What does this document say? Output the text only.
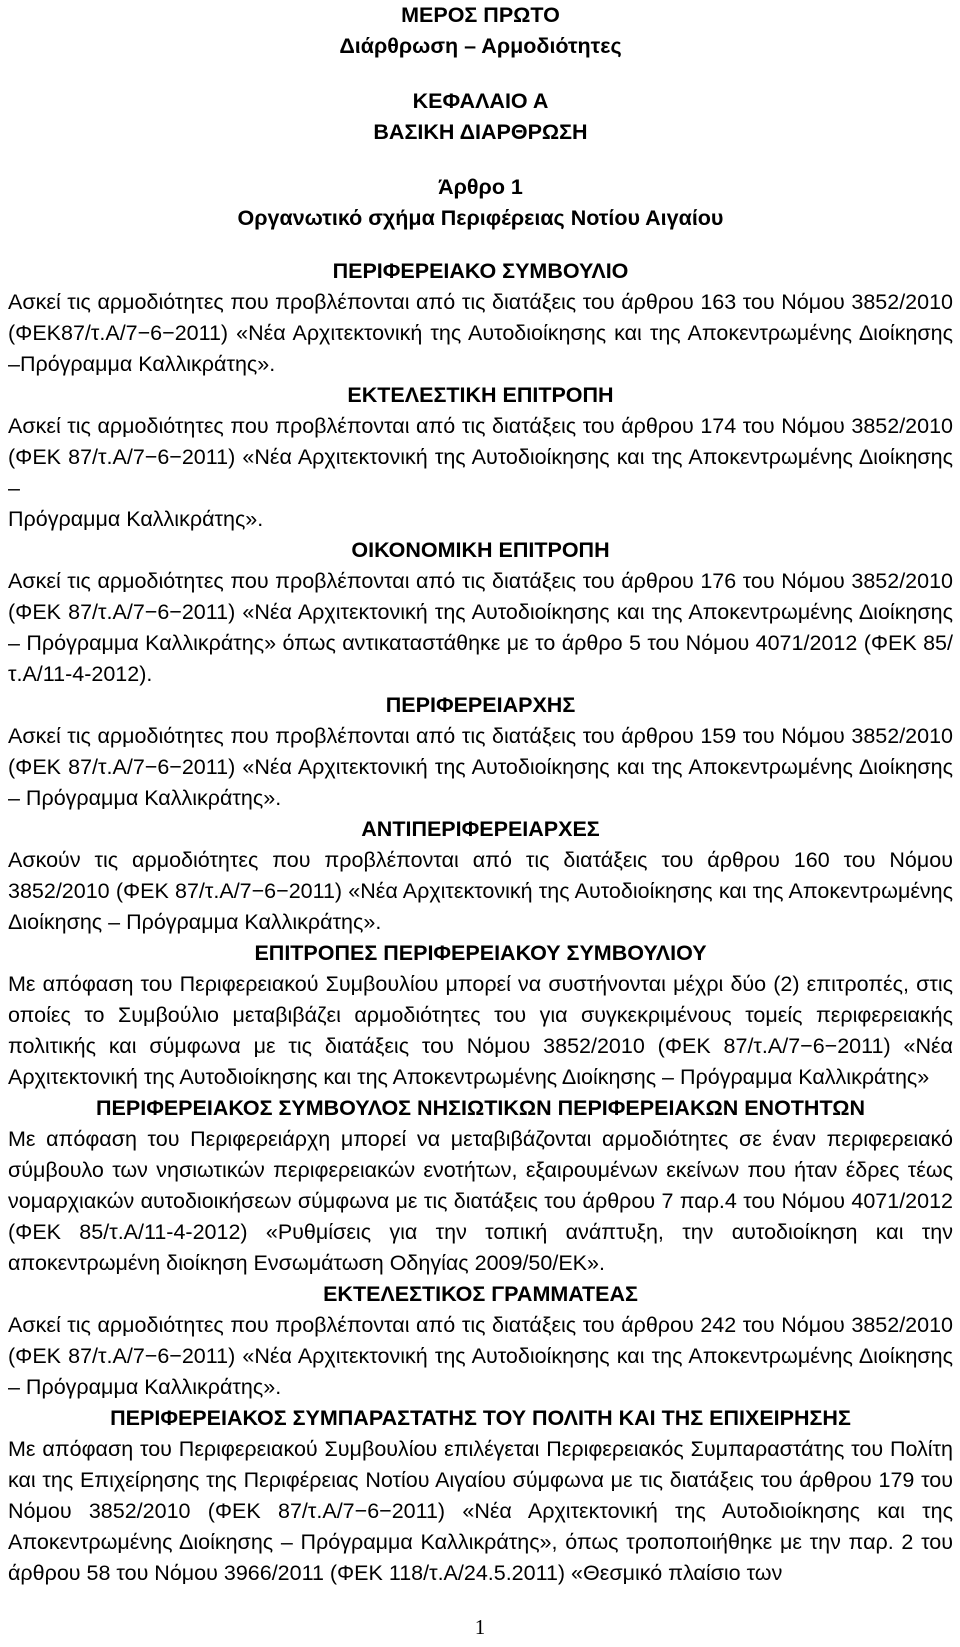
ΜΕΡΟΣ ΠΡΩΤΟ
Διάρθρωση – Αρμοδιότητες
ΚΕΦΑΛΑΙΟ Α
ΒΑΣΙΚΗ ΔΙΑΡΘΡΩΣΗ
Άρθρο 1
Οργανωτικό σχήμα Περιφέρειας Νοτίου Αιγαίου
ΠΕΡΙΦΕΡΕΙΑΚΟ ΣΥΜΒΟΥΛΙΟ
Ασκεί τις αρμοδιότητες που προβλέπονται από τις διατάξεις του άρθρου 163 του Νόμου 3852/2010 (ΦΕΚ87/τ.Α/7−6−2011) «Νέα Αρχιτεκτονική της Αυτοδιοίκησης και της Αποκεντρωμένης Διοίκησης –Πρόγραμμα Καλλικράτης».
ΕΚΤΕΛΕΣΤΙΚΗ ΕΠΙΤΡΟΠΗ
Ασκεί τις αρμοδιότητες που προβλέπονται από τις διατάξεις του άρθρου 174 του Νόμου 3852/2010 (ΦΕΚ 87/τ.Α/7−6−2011) «Νέα Αρχιτεκτονική της Αυτοδιοίκησης και της Αποκεντρωμένης Διοίκησης –
Πρόγραμμα Καλλικράτης».
ΟΙΚΟΝΟΜΙΚΗ ΕΠΙΤΡΟΠΗ
Ασκεί τις αρμοδιότητες που προβλέπονται από τις διατάξεις του άρθρου 176 του Νόμου 3852/2010 (ΦΕΚ 87/τ.Α/7−6−2011) «Νέα Αρχιτεκτονική της Αυτοδιοίκησης και της Αποκεντρωμένης Διοίκησης – Πρόγραμμα Καλλικράτης» όπως αντικαταστάθηκε με το άρθρο 5 του Νόμου 4071/2012 (ΦΕΚ 85/τ.Α/11-4-2012).
ΠΕΡΙΦΕΡΕΙΑΡΧΗΣ
Ασκεί τις αρμοδιότητες που προβλέπονται από τις διατάξεις του άρθρου 159 του Νόμου 3852/2010 (ΦΕΚ 87/τ.Α/7−6−2011) «Νέα Αρχιτεκτονική της Αυτοδιοίκησης και της Αποκεντρωμένης Διοίκησης – Πρόγραμμα Καλλικράτης».
ΑΝΤΙΠΕΡΙΦΕΡΕΙΑΡΧΕΣ
Ασκούν τις αρμοδιότητες που προβλέπονται από τις διατάξεις του άρθρου 160 του Νόμου 3852/2010 (ΦΕΚ 87/τ.Α/7−6−2011) «Νέα Αρχιτεκτονική της Αυτοδιοίκησης και της Αποκεντρωμένης Διοίκησης – Πρόγραμμα Καλλικράτης».
ΕΠΙΤΡΟΠΕΣ ΠΕΡΙΦΕΡΕΙΑΚΟΥ ΣΥΜΒΟΥΛΙΟΥ
Με απόφαση του Περιφερειακού Συμβουλίου μπορεί να συστήνονται μέχρι δύο (2) επιτροπές, στις οποίες το Συμβούλιο μεταβιβάζει αρμοδιότητες του για συγκεκριμένους τομείς περιφερειακής πολιτικής και σύμφωνα με τις διατάξεις του Νόμου 3852/2010 (ΦΕΚ 87/τ.Α/7−6−2011) «Νέα Αρχιτεκτονική της Αυτοδιοίκησης και της Αποκεντρωμένης Διοίκησης – Πρόγραμμα Καλλικράτης»
ΠΕΡΙΦΕΡΕΙΑΚΟΣ ΣΥΜΒΟΥΛΟΣ ΝΗΣΙΩΤΙΚΩΝ ΠΕΡΙΦΕΡΕΙΑΚΩΝ ΕΝΟΤΗΤΩΝ
Με απόφαση του Περιφερειάρχη μπορεί να μεταβιβάζονται αρμοδιότητες σε έναν περιφερειακό σύμβουλο των νησιωτικών περιφερειακών ενοτήτων, εξαιρουμένων εκείνων που ήταν έδρες τέως νομαρχιακών αυτοδιοικήσεων σύμφωνα με τις διατάξεις του άρθρου 7 παρ.4 του Νόμου 4071/2012 (ΦΕΚ 85/τ.Α/11-4-2012) «Ρυθμίσεις για την τοπική ανάπτυξη, την αυτοδιοίκηση και την αποκεντρωμένη διοίκηση Ενσωμάτωση Οδηγίας 2009/50/ΕΚ».
ΕΚΤΕΛΕΣΤΙΚΟΣ ΓΡΑΜΜΑΤΕΑΣ
Ασκεί τις αρμοδιότητες που προβλέπονται από τις διατάξεις του άρθρου 242 του Νόμου 3852/2010 (ΦΕΚ 87/τ.Α/7−6−2011) «Νέα Αρχιτεκτονική της Αυτοδιοίκησης και της Αποκεντρωμένης Διοίκησης – Πρόγραμμα Καλλικράτης».
ΠΕΡΙΦΕΡΕΙΑΚΟΣ ΣΥΜΠΑΡΑΣΤΑΤΗΣ ΤΟΥ ΠΟΛΙΤΗ ΚΑΙ ΤΗΣ ΕΠΙΧΕΙΡΗΣΗΣ
Με απόφαση του Περιφερειακού Συμβουλίου επιλέγεται Περιφερειακός Συμπαραστάτης του Πολίτη και της Επιχείρησης της Περιφέρειας Νοτίου Αιγαίου σύμφωνα με τις διατάξεις του άρθρου 179 του Νόμου 3852/2010 (ΦΕΚ 87/τ.Α/7−6−2011) «Νέα Αρχιτεκτονική της Αυτοδιοίκησης και της Αποκεντρωμένης Διοίκησης – Πρόγραμμα Καλλικράτης», όπως τροποποιήθηκε με την παρ. 2 του άρθρου 58 του Νόμου 3966/2011 (ΦΕΚ 118/τ.Α/24.5.2011) «Θεσμικό πλαίσιο των
1
